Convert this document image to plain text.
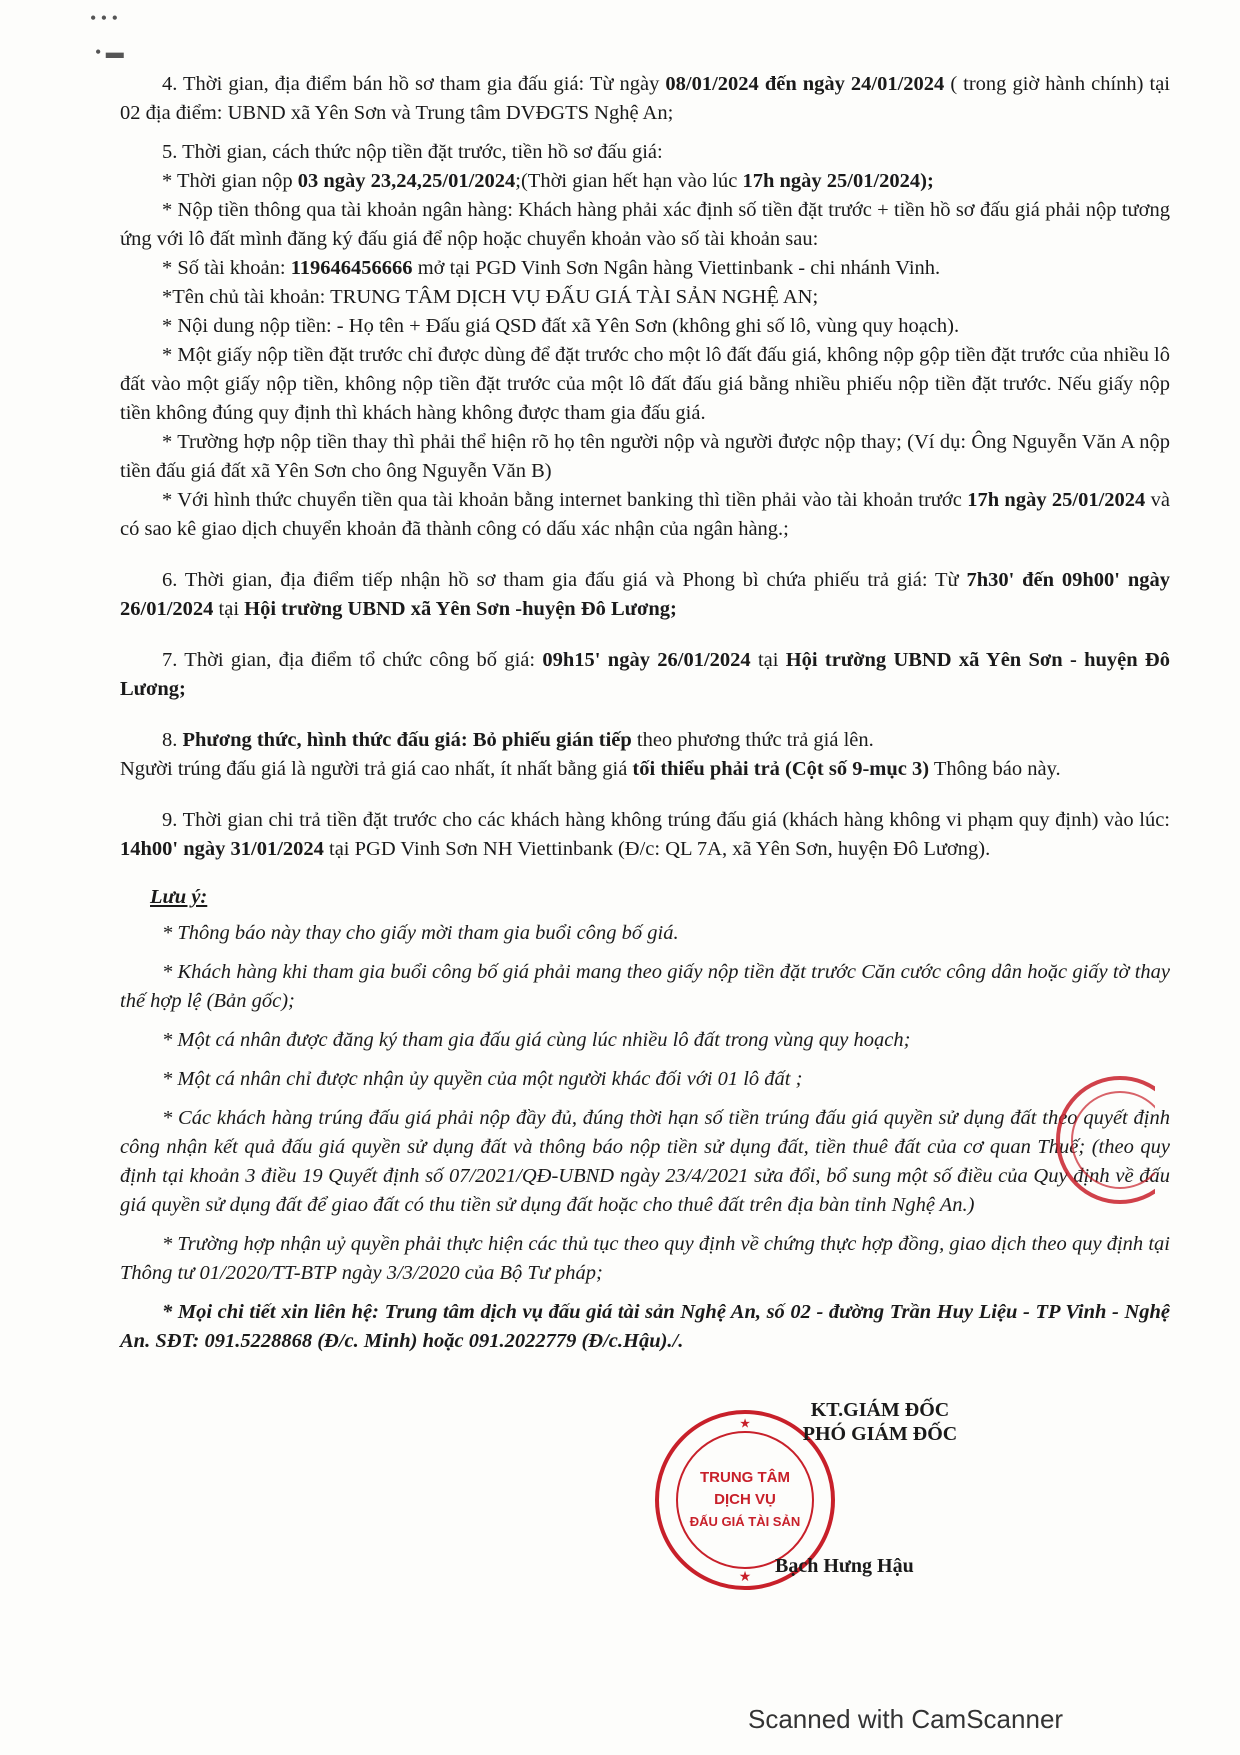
• • •
• ▬

4. Thời gian, địa điểm bán hồ sơ tham gia đấu giá: Từ ngày 08/01/2024 đến ngày 24/01/2024 ( trong giờ hành chính) tại 02 địa điểm: UBND xã Yên Sơn và Trung tâm DVĐGTS Nghệ An;

5. Thời gian, cách thức nộp tiền đặt trước, tiền hồ sơ đấu giá:

* Thời gian nộp 03 ngày 23,24,25/01/2024;(Thời gian hết hạn vào lúc 17h ngày 25/01/2024);

* Nộp tiền thông qua tài khoản ngân hàng: Khách hàng phải xác định số tiền đặt trước + tiền hồ sơ đấu giá phải nộp tương ứng với lô đất mình đăng ký đấu giá để nộp hoặc chuyển khoản vào số tài khoản sau:

* Số tài khoản: 119646456666 mở tại PGD Vinh Sơn Ngân hàng Viettinbank - chi nhánh Vinh.

*Tên chủ tài khoản: TRUNG TÂM DỊCH VỤ ĐẤU GIÁ TÀI SẢN NGHỆ AN;

* Nội dung nộp tiền: - Họ tên + Đấu giá QSD đất xã Yên Sơn (không ghi số lô, vùng quy hoạch).

* Một giấy nộp tiền đặt trước chỉ được dùng để đặt trước cho một lô đất đấu giá, không nộp gộp tiền đặt trước của nhiều lô đất vào một giấy nộp tiền, không nộp tiền đặt trước của một lô đất đấu giá bằng nhiều phiếu nộp tiền đặt trước. Nếu giấy nộp tiền không đúng quy định thì khách hàng không được tham gia đấu giá.

* Trường hợp nộp tiền thay thì phải thể hiện rõ họ tên người nộp và người được nộp thay; (Ví dụ: Ông Nguyễn Văn A nộp tiền đấu giá đất xã Yên Sơn cho ông Nguyễn Văn B)

* Với hình thức chuyển tiền qua tài khoản bằng internet banking thì tiền phải vào tài khoản trước 17h ngày 25/01/2024 và có sao kê giao dịch chuyển khoản đã thành công có dấu xác nhận của ngân hàng.;

6. Thời gian, địa điểm tiếp nhận hồ sơ tham gia đấu giá và Phong bì chứa phiếu trả giá: Từ 7h30' đến 09h00' ngày 26/01/2024 tại Hội trường UBND xã Yên Sơn -huyện Đô Lương;

7. Thời gian, địa điểm tổ chức công bố giá: 09h15' ngày 26/01/2024 tại Hội trường UBND xã Yên Sơn - huyện Đô Lương;

8. Phương thức, hình thức đấu giá: Bỏ phiếu gián tiếp theo phương thức trả giá lên.

Người trúng đấu giá là người trả giá cao nhất, ít nhất bằng giá tối thiểu phải trả (Cột số 9-mục 3) Thông báo này.

9. Thời gian chi trả tiền đặt trước cho các khách hàng không trúng đấu giá (khách hàng không vi phạm quy định) vào lúc: 14h00' ngày 31/01/2024 tại PGD Vinh Sơn NH Viettinbank (Đ/c: QL 7A, xã Yên Sơn, huyện Đô Lương).

Lưu ý:

* Thông báo này thay cho giấy mời tham gia buổi công bố giá.

* Khách hàng khi tham gia buổi công bố giá phải mang theo giấy nộp tiền đặt trước Căn cước công dân hoặc giấy tờ thay thế hợp lệ (Bản gốc);

* Một cá nhân được đăng ký tham gia đấu giá cùng lúc nhiều lô đất trong vùng quy hoạch;

* Một cá nhân chỉ được nhận ủy quyền của một người khác đối với 01 lô đất ;

* Các khách hàng trúng đấu giá phải nộp đầy đủ, đúng thời hạn số tiền trúng đấu giá quyền sử dụng đất theo quyết định công nhận kết quả đấu giá quyền sử dụng đất và thông báo nộp tiền sử dụng đất, tiền thuê đất của cơ quan Thuế; (theo quy định tại khoản 3 điều 19 Quyết định số 07/2021/QĐ-UBND ngày 23/4/2021 sửa đổi, bổ sung một số điều của Quy định về đấu giá quyền sử dụng đất để giao đất có thu tiền sử dụng đất hoặc cho thuê đất trên địa bàn tỉnh Nghệ An.)

* Trường hợp nhận uỷ quyền phải thực hiện các thủ tục theo quy định về chứng thực hợp đồng, giao dịch theo quy định tại Thông tư 01/2020/TT-BTP ngày 3/3/2020 của Bộ Tư pháp;

* Mọi chi tiết xin liên hệ: Trung tâm dịch vụ đấu giá tài sản Nghệ An, số 02 - đường Trần Huy Liệu - TP Vinh - Nghệ An. SĐT: 091.5228868 (Đ/c. Minh) hoặc 091.2022779 (Đ/c.Hậu)./.

★
★
TRUNG TÂM
DỊCH VỤ
ĐẤU GIÁ TÀI SẢN
KT.GIÁM ĐỐC
PHÓ GIÁM ĐỐC
Bạch Hưng Hậu
Scanned with CamScanner
